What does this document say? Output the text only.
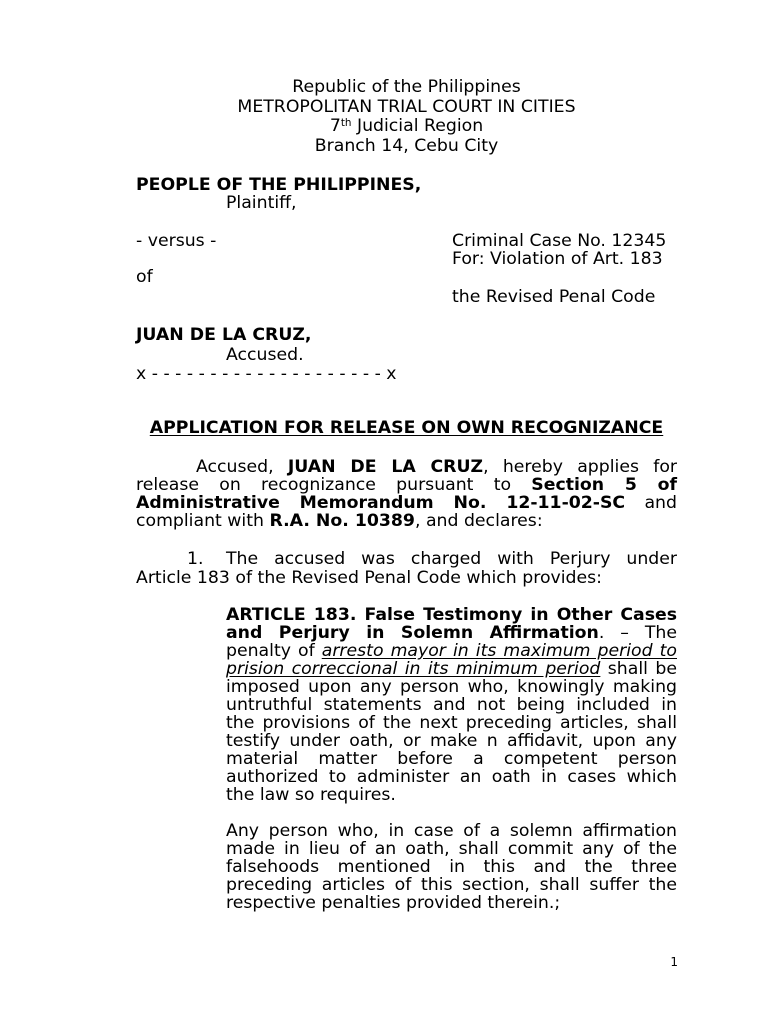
Republic of the Philippines
METROPOLITAN TRIAL COURT IN CITIES
7th Judicial Region
Branch 14, Cebu City
PEOPLE OF THE PHILIPPINES,
Plaintiff,
- versus -
of
Criminal Case No. 12345
For: Violation of Art. 183
the Revised Penal Code
JUAN DE LA CRUZ,
Accused.
x - - - - - - - - - - - - - - - - - - - - x
APPLICATION FOR RELEASE ON OWN RECOGNIZANCE
Accused, JUAN DE LA CRUZ, hereby applies for
release on recognizance pursuant to Section 5 of
Administrative Memorandum No. 12-11-02-SC and
compliant with R.A. No. 10389, and declares:
1. The accused was charged with Perjury under
Article 183 of the Revised Penal Code which provides:
ARTICLE 183. False Testimony in Other Cases
and Perjury in Solemn Affirmation. – The
penalty of arresto mayor in its maximum period to
prision correccional in its minimum period shall be
imposed upon any person who, knowingly making
untruthful statements and not being included in
the provisions of the next preceding articles, shall
testify under oath, or make n affidavit, upon any
material matter before a competent person
authorized to administer an oath in cases which
the law so requires.
Any person who, in case of a solemn affirmation
made in lieu of an oath, shall commit any of the
falsehoods mentioned in this and the three
preceding articles of this section, shall suffer the
respective penalties provided therein.;
1
